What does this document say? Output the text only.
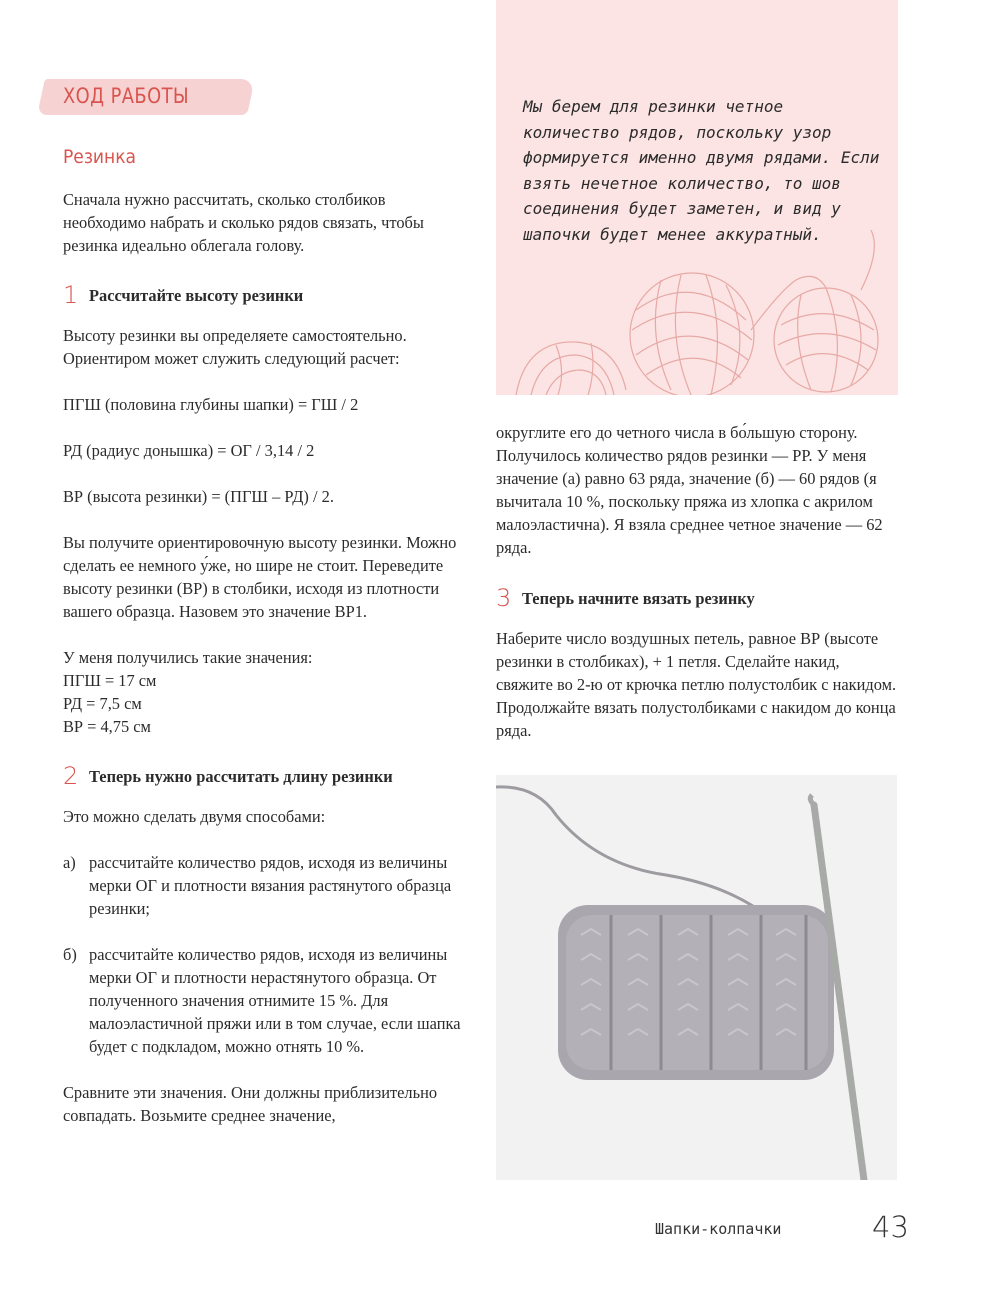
Мы берем для резинки четное количество рядов, поскольку узор формируется именно двумя рядами. Если взять нечетное количество, то шов соединения будет заметен, и вид у шапочки будет менее аккуратный.
ХОД РАБОТЫ
Резинка

Сначала нужно рассчитать, сколько столбиков необходимо набрать и сколько рядов связать, чтобы резинка идеально облегала голову.

1 Рассчитайте высоту резинки

Высоту резинки вы определяете самостоятельно. Ориентиром может служить следующий расчет:

ПГШ (половина глубины шапки) = ГШ / 2

РД (радиус донышка) = ОГ / 3,14 / 2

ВР (высота резинки) = (ПГШ – РД) / 2.

Вы получите ориентировочную высоту резинки. Можно сделать ее немного у́же, но шире не стоит. Переведите высоту резинки (ВР) в столбики, исходя из плотности вашего образца. Назовем это значение ВР1.

У меня получились такие значения:

ПГШ = 17 см

РД = 7,5 см

ВР = 4,75 см

2 Теперь нужно рассчитать длину резинки

Это можно сделать двумя способами:

а) рассчитайте количество рядов, исходя из величины мерки ОГ и плотности вязания растянутого образца резинки;
б) рассчитайте количество рядов, исходя из величины мерки ОГ и плотности нерастянутого образца. От полученного значения отнимите 15 %. Для малоэластичной пряжи или в том случае, если шапка будет с подкладом, можно отнять 10 %.

Сравните эти значения. Они должны приблизительно совпадать. Возьмите среднее значение,

округлите его до четного числа в бо́льшую сторону. Получилось количество рядов резинки — РР. У меня значение (а) равно 63 ряда, значение (б) — 60 рядов (я вычитала 10 %, поскольку пряжа из хлопка с акрилом малоэластична). Я взяла среднее четное значение — 62 ряда.

3 Теперь начните вязать резинку

Наберите число воздушных петель, равное ВР (высоте резинки в столбиках), + 1 петля. Сделайте накид, свяжите во 2-ю от крючка петлю полустолбик с накидом. Продолжайте вязать полустолбиками с накидом до конца ряда.

Шапки-колпачки	43
